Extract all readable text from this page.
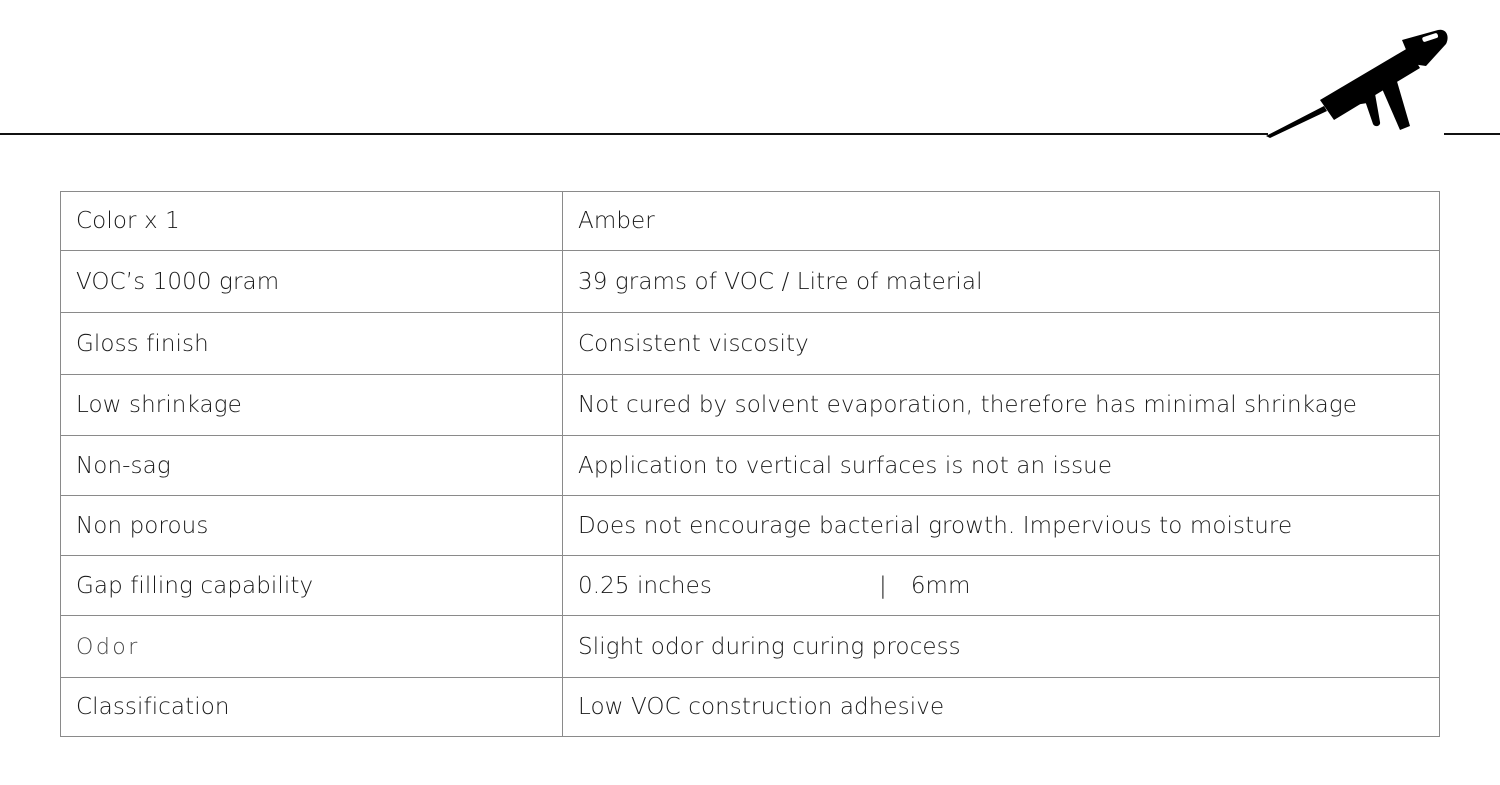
Color x 1	Amber
VOC’s 1000 gram	39 grams of VOC / Litre of material
Gloss finish	Consistent viscosity
Low shrinkage	Not cured by solvent evaporation, therefore has minimal shrinkage
Non-sag	Application to vertical surfaces is not an issue
Non porous	Does not encourage bacterial growth. Impervious to moisture
Gap filling capability	0.25 inches | 6mm
Odor	Slight odor during curing process
Classification	Low VOC construction adhesive
